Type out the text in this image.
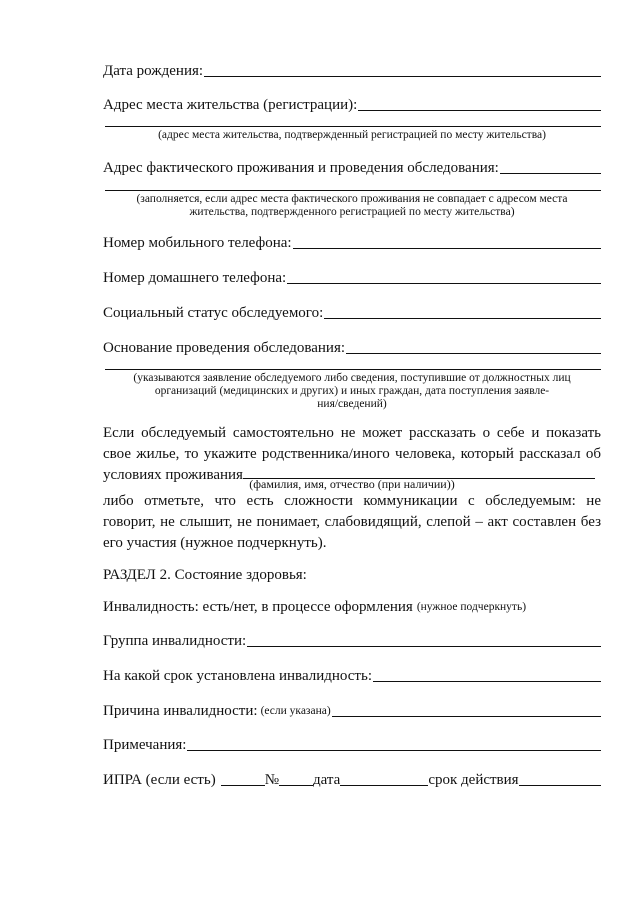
Дата рождения:
Адрес места жительства (регистрации):
(адрес места жительства, подтвержденный регистрацией по месту жительства)
Адрес фактического проживания и проведения обследования:
(заполняется, если адрес места фактического проживания не совпадает с адресом места
жительства, подтвержденного регистрацией по месту жительства)
Номер мобильного телефона:
Номер домашнего телефона:
Социальный статус обследуемого:
Основание проведения обследования:
(указываются заявление обследуемого либо сведения, поступившие от должностных лиц
организаций (медицинских и других) и иных граждан, дата поступления заявле-
ния/сведений)
Если обследуемый самостоятельно не может рассказать о себе и показать свое жилье, то укажите родственника/иного человека, который рассказал об условиях проживания
(фамилия, имя, отчество (при наличии))
либо отметьте, что есть сложности коммуникации с обследуемым: не говорит, не слышит, не понимает, слабовидящий, слепой – акт составлен без его участия (нужное подчеркнуть).
РАЗДЕЛ 2. Состояние здоровья:
Инвалидность: есть/нет, в процессе оформления (нужное подчеркнуть)
Группа инвалидности:
На какой срок установлена инвалидность:
Причина инвалидности: (если указана)
Примечания:
ИПРА (если есть)	№ дата	срок действия
